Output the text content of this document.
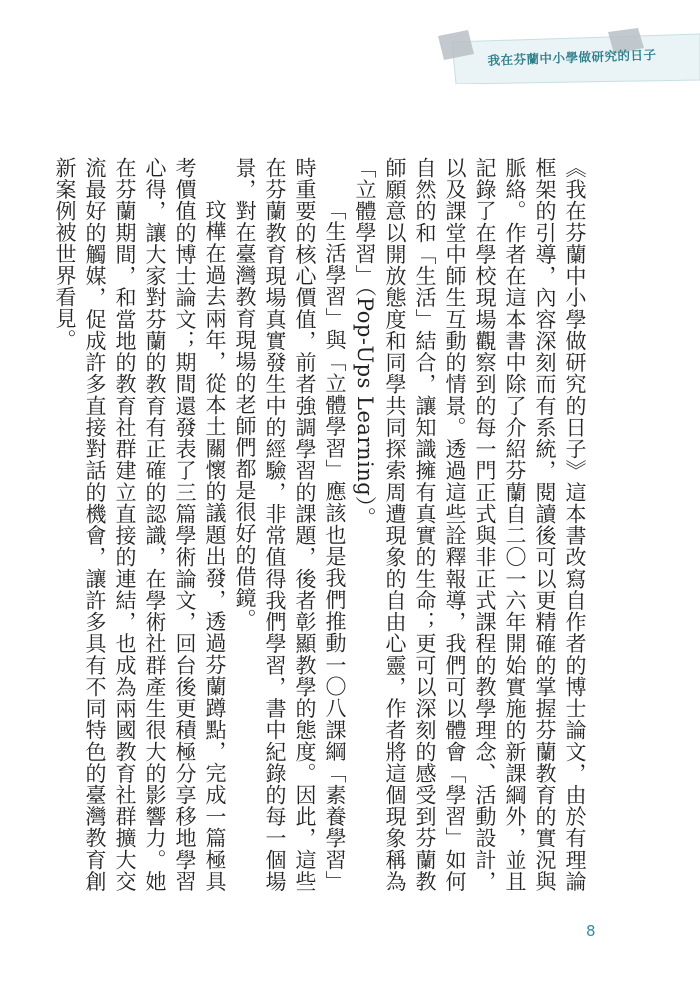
我在芬蘭中小學做研究的日子

《我在芬蘭中小學做研究的日子》這本書改寫自作者的博士論文，由於有理論框架的引導，內容深刻而有系統，閱讀後可以更精確的掌握芬蘭教育的實況與脈絡。作者在這本書中除了介紹芬蘭自二〇一六年開始實施的新課綱外，並且記錄了在學校現場觀察到的每一門正式與非正式課程的教學理念、活動設計，以及課堂中師生互動的情景。透過這些詮釋報導，我們可以體會「學習」如何自然的和「生活」結合，讓知識擁有真實的生命；更可以深刻的感受到芬蘭教師願意以開放態度和同學共同探索周遭現象的自由心靈，作者將這個現象稱為「立體學習」（Pop-Ups Learning）。

「生活學習」與「立體學習」應該也是我們推動一〇八課綱「素養學習」時重要的核心價值，前者強調學習的課題，後者彰顯教學的態度。因此，這些在芬蘭教育現場真實發生中的經驗，非常值得我們學習，書中紀錄的每一個場景，對在臺灣教育現場的老師們都是很好的借鏡。

玟樺在過去兩年，從本土關懷的議題出發，透過芬蘭蹲點，完成一篇極具　考價值的博士論文；期間還發表了三篇學術論文，回台後更積極分享移地學習心得，讓大家對芬蘭的教育有正確的認識，在學術社群產生很大的影響力。她在芬蘭期間，和當地的教育社群建立直接的連結，也成為兩國教育社群擴大交流最好的觸媒，促成許多直接對話的機會，讓許多具有不同特色的臺灣教育創新案例被世界看見。

8
